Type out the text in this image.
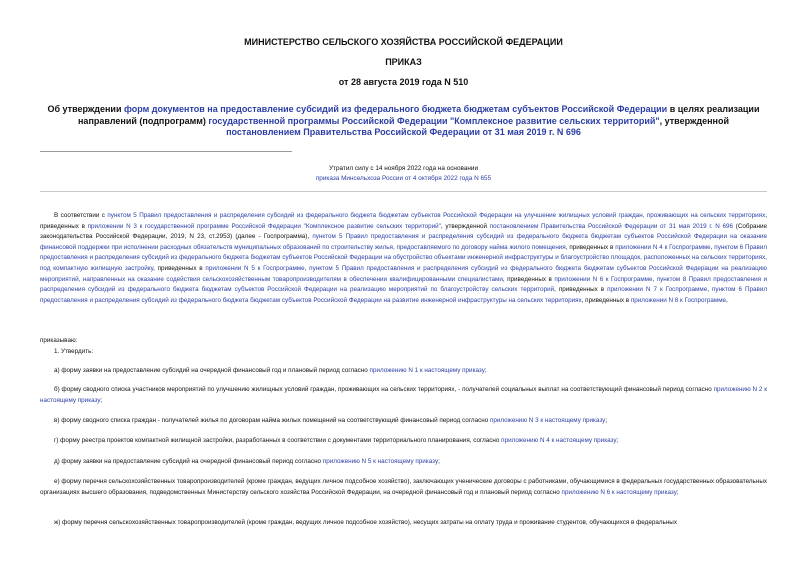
МИНИСТЕРСТВО СЕЛЬСКОГО ХОЗЯЙСТВА РОССИЙСКОЙ ФЕДЕРАЦИИ
ПРИКАЗ
от 28 августа 2019 года N 510
Об утверждении форм документов на предоставление субсидий из федерального бюджета бюджетам субъектов Российской Федерации в целях реализации направлений (подпрограмм) государственной программы Российской Федерации "Комплексное развитие сельских территорий", утвержденной постановлением Правительства Российской Федерации от 31 мая 2019 г. N 696
Утратил силу с 14 ноября 2022 года на основании
приказа Минсельхоза России от 4 октября 2022 года N 655
В соответствии с пунктом 5 Правил предоставления и распределения субсидий из федерального бюджета бюджетам субъектов Российской Федерации на улучшение жилищных условий граждан, проживающих на сельских территориях, приведенных в приложении N 3 к государственной программе Российской Федерации "Комплексное развитие сельских территорий", утвержденной постановлением Правительства Российской Федерации от 31 мая 2019 г. N 696 (Собрание законодательства Российской Федерации, 2019, N 23, ст.2953) (далее - Госпрограмма), пунктом 5 Правил предоставления и распределения субсидий из федерального бюджета бюджетам субъектов Российской Федерации на оказание финансовой поддержки при исполнении расходных обязательств муниципальных образований по строительству жилья, предоставляемого по договору найма жилого помещения, приведенных в приложении N 4 к Госпрограмме, пунктом 6 Правил предоставления и распределения субсидий из федерального бюджета бюджетам субъектов Российской Федерации на обустройство объектами инженерной инфраструктуры и благоустройство площадок, расположенных на сельских территориях, под компактную жилищную застройку, приведенных в приложении N 5 к Госпрограмме, пунктом 5 Правил предоставления и распределения субсидий из федерального бюджета бюджетам субъектов Российской Федерации на реализацию мероприятий, направленных на оказание содействия сельскохозяйственным товаропроизводителям в обеспечении квалифицированными специалистами, приведенных в приложении N 6 к Госпрограмме, пунктом 8 Правил предоставления и распределения субсидий из федерального бюджета бюджетам субъектов Российской Федерации на реализацию мероприятий по благоустройству сельских территорий, приведенных в приложении N 7 к Госпрограмме, пунктом 6 Правил предоставления и распределения субсидий из федерального бюджета бюджетам субъектов Российской Федерации на развитие инженерной инфраструктуры на сельских территориях, приведенных в приложении N 8 к Госпрограмме,
приказываю:
1. Утвердить:
а) форму заявки на предоставление субсидий на очередной финансовый год и плановый период согласно приложению N 1 к настоящему приказу;
б) форму сводного списка участников мероприятий по улучшению жилищных условий граждан, проживающих на сельских территориях, - получателей социальных выплат на соответствующий финансовый период согласно приложению N 2 к настоящему приказу;
в) форму сводного списка граждан - получателей жилья по договорам найма жилых помещений на соответствующий финансовый период согласно приложению N 3 к настоящему приказу;
г) форму реестра проектов компактной жилищной застройки, разработанных в соответствии с документами территориального планирования, согласно приложению N 4 к настоящему приказу;
д) форму заявки на предоставление субсидий на очередной финансовый период согласно приложению N 5 к настоящему приказу;
е) форму перечня сельскохозяйственных товаропроизводителей (кроме граждан, ведущих личное подсобное хозяйство), заключающих ученические договоры с работниками, обучающимися в федеральных государственных образовательных организациях высшего образования, подведомственных Министерству сельского хозяйства Российской Федерации, на очередной финансовый год и плановый период согласно приложению N 6 к настоящему приказу;
ж) форму перечня сельскохозяйственных товаропроизводителей (кроме граждан, ведущих личное подсобное хозяйство), несущих затраты на оплату труда и проживание студентов, обучающихся в федеральных
